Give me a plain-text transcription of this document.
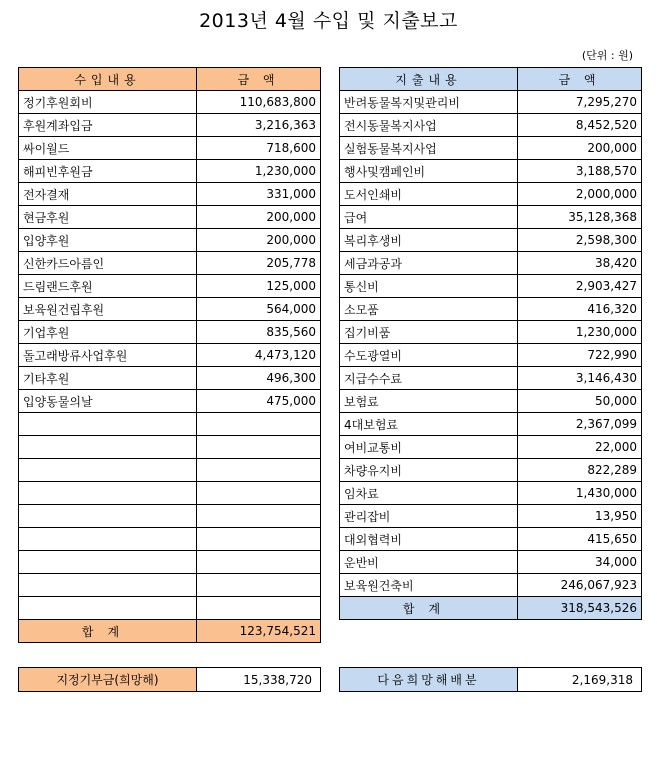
2013년 4월 수입 및 지출보고
(단위 : 원)
수입내용	금 액
정기후원회비	110,683,800
후원계좌입금	3,216,363
싸이월드	718,600
해피빈후원금	1,230,000
전자결재	331,000
현금후원	200,000
입양후원	200,000
신한카드아름인	205,778
드림랜드후원	125,000
보육원건립후원	564,000
기업후원	835,560
돌고래방류사업후원	4,473,120
기타후원	496,300
입양동물의날	475,000

합계	123,754,521
지출내용	금 액
반려동물복지및관리비	7,295,270
전시동물복지사업	8,452,520
실험동물복지사업	200,000
행사및캠페인비	3,188,570
도서인쇄비	2,000,000
급여	35,128,368
복리후생비	2,598,300
세금과공과	38,420
통신비	2,903,427
소모품	416,320
집기비품	1,230,000
수도광열비	722,990
지급수수료	3,146,430
보험료	50,000
4대보험료	2,367,099
여비교통비	22,000
차량유지비	822,289
임차료	1,430,000
관리잡비	13,950
대외협력비	415,650
운반비	34,000
보육원건축비	246,067,923
합계	318,543,526
지정기부금(희망해)	15,338,720	다음희망해배분	2,169,318
